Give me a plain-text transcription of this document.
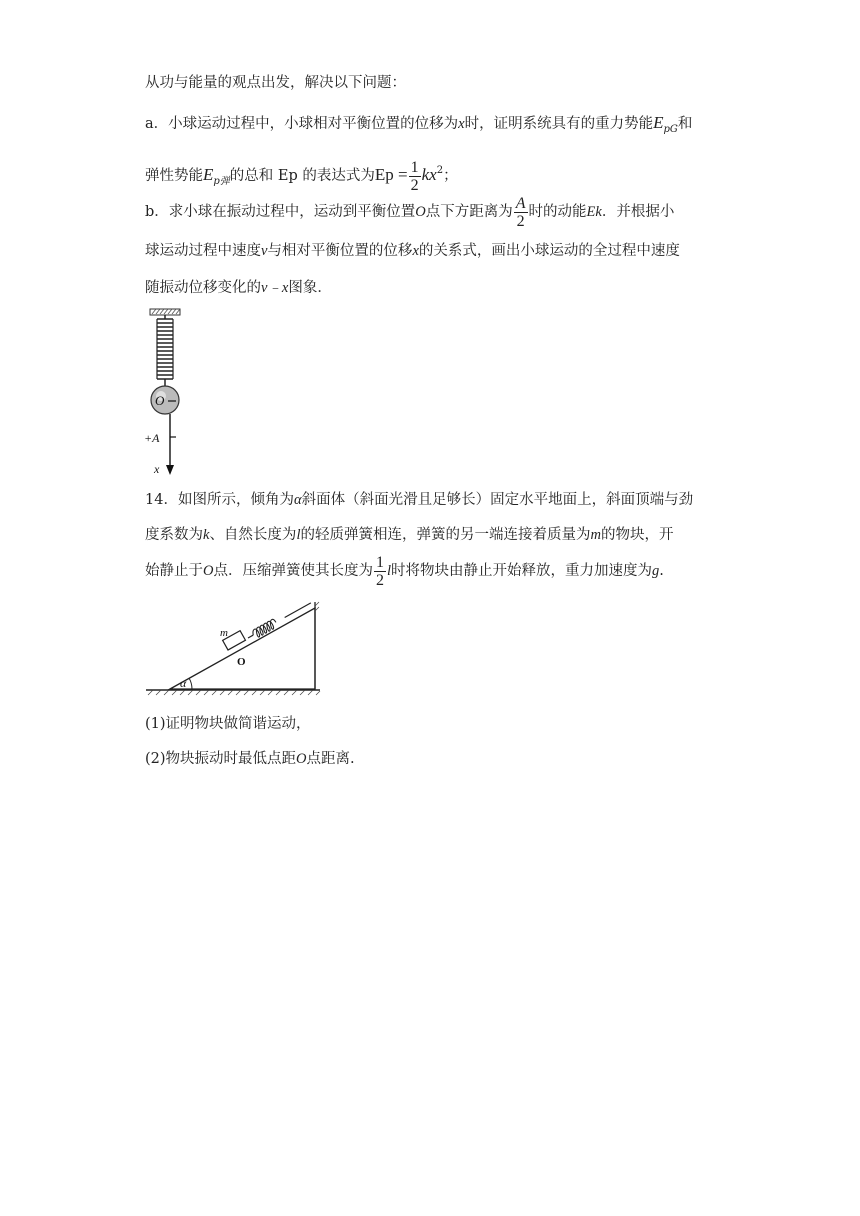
从功与能量的观点出发，解决以下问题：
a．小球运动过程中，小球相对平衡位置的位移为x时，证明系统具有的重力势能$E_{pG}$和
弹性势能$E_{p弹}$的总和 Ep 的表达式为$Ep = \frac{1}{2} kx^2$；
b．求小球在振动过程中，运动到平衡位置O点下方距离为 $\frac{A}{2}$ 时的动能Ek．并根据小
球运动过程中速度v与相对平衡位置的位移x的关系式，画出小球运动的全过程中速度
随振动位移变化的v﹣x图象．
O
+A
x
14．如图所示，倾角为α斜面体（斜面光滑且足够长）固定水平地面上，斜面顶端与劲
度系数为k、自然长度为l的轻质弹簧相连，弹簧的另一端连接着质量为m的物块，开
始静止于O点．压缩弹簧使其长度为 $\frac{1}{2}$ l时将物块由静止开始释放，重力加速度为g.
m
O
α
(1)证明物块做简谐运动，
(2)物块振动时最低点距O点距离.
